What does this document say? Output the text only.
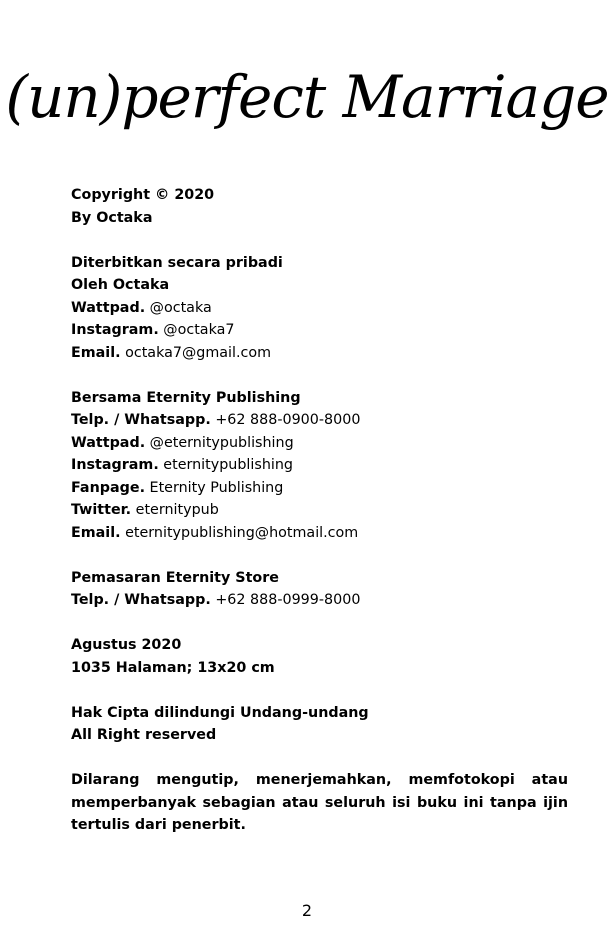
(un)perfect Marriage
Copyright © 2020
By Octaka
Diterbitkan secara pribadi
Oleh Octaka
Wattpad. @octaka
Instagram. @octaka7
Email. octaka7@gmail.com
Bersama Eternity Publishing
Telp. / Whatsapp. +62 888-0900-8000
Wattpad. @eternitypublishing
Instagram. eternitypublishing
Fanpage. Eternity Publishing
Twitter. eternitypub
Email. eternitypublishing@hotmail.com
Pemasaran Eternity Store
Telp. / Whatsapp. +62 888-0999-8000
Agustus 2020
1035 Halaman; 13x20 cm
Hak Cipta dilindungi Undang-undang
All Right reserved
Dilarang mengutip, menerjemahkan, memfotokopi atau memperbanyak sebagian atau seluruh isi buku ini tanpa ijin tertulis dari penerbit.
2
